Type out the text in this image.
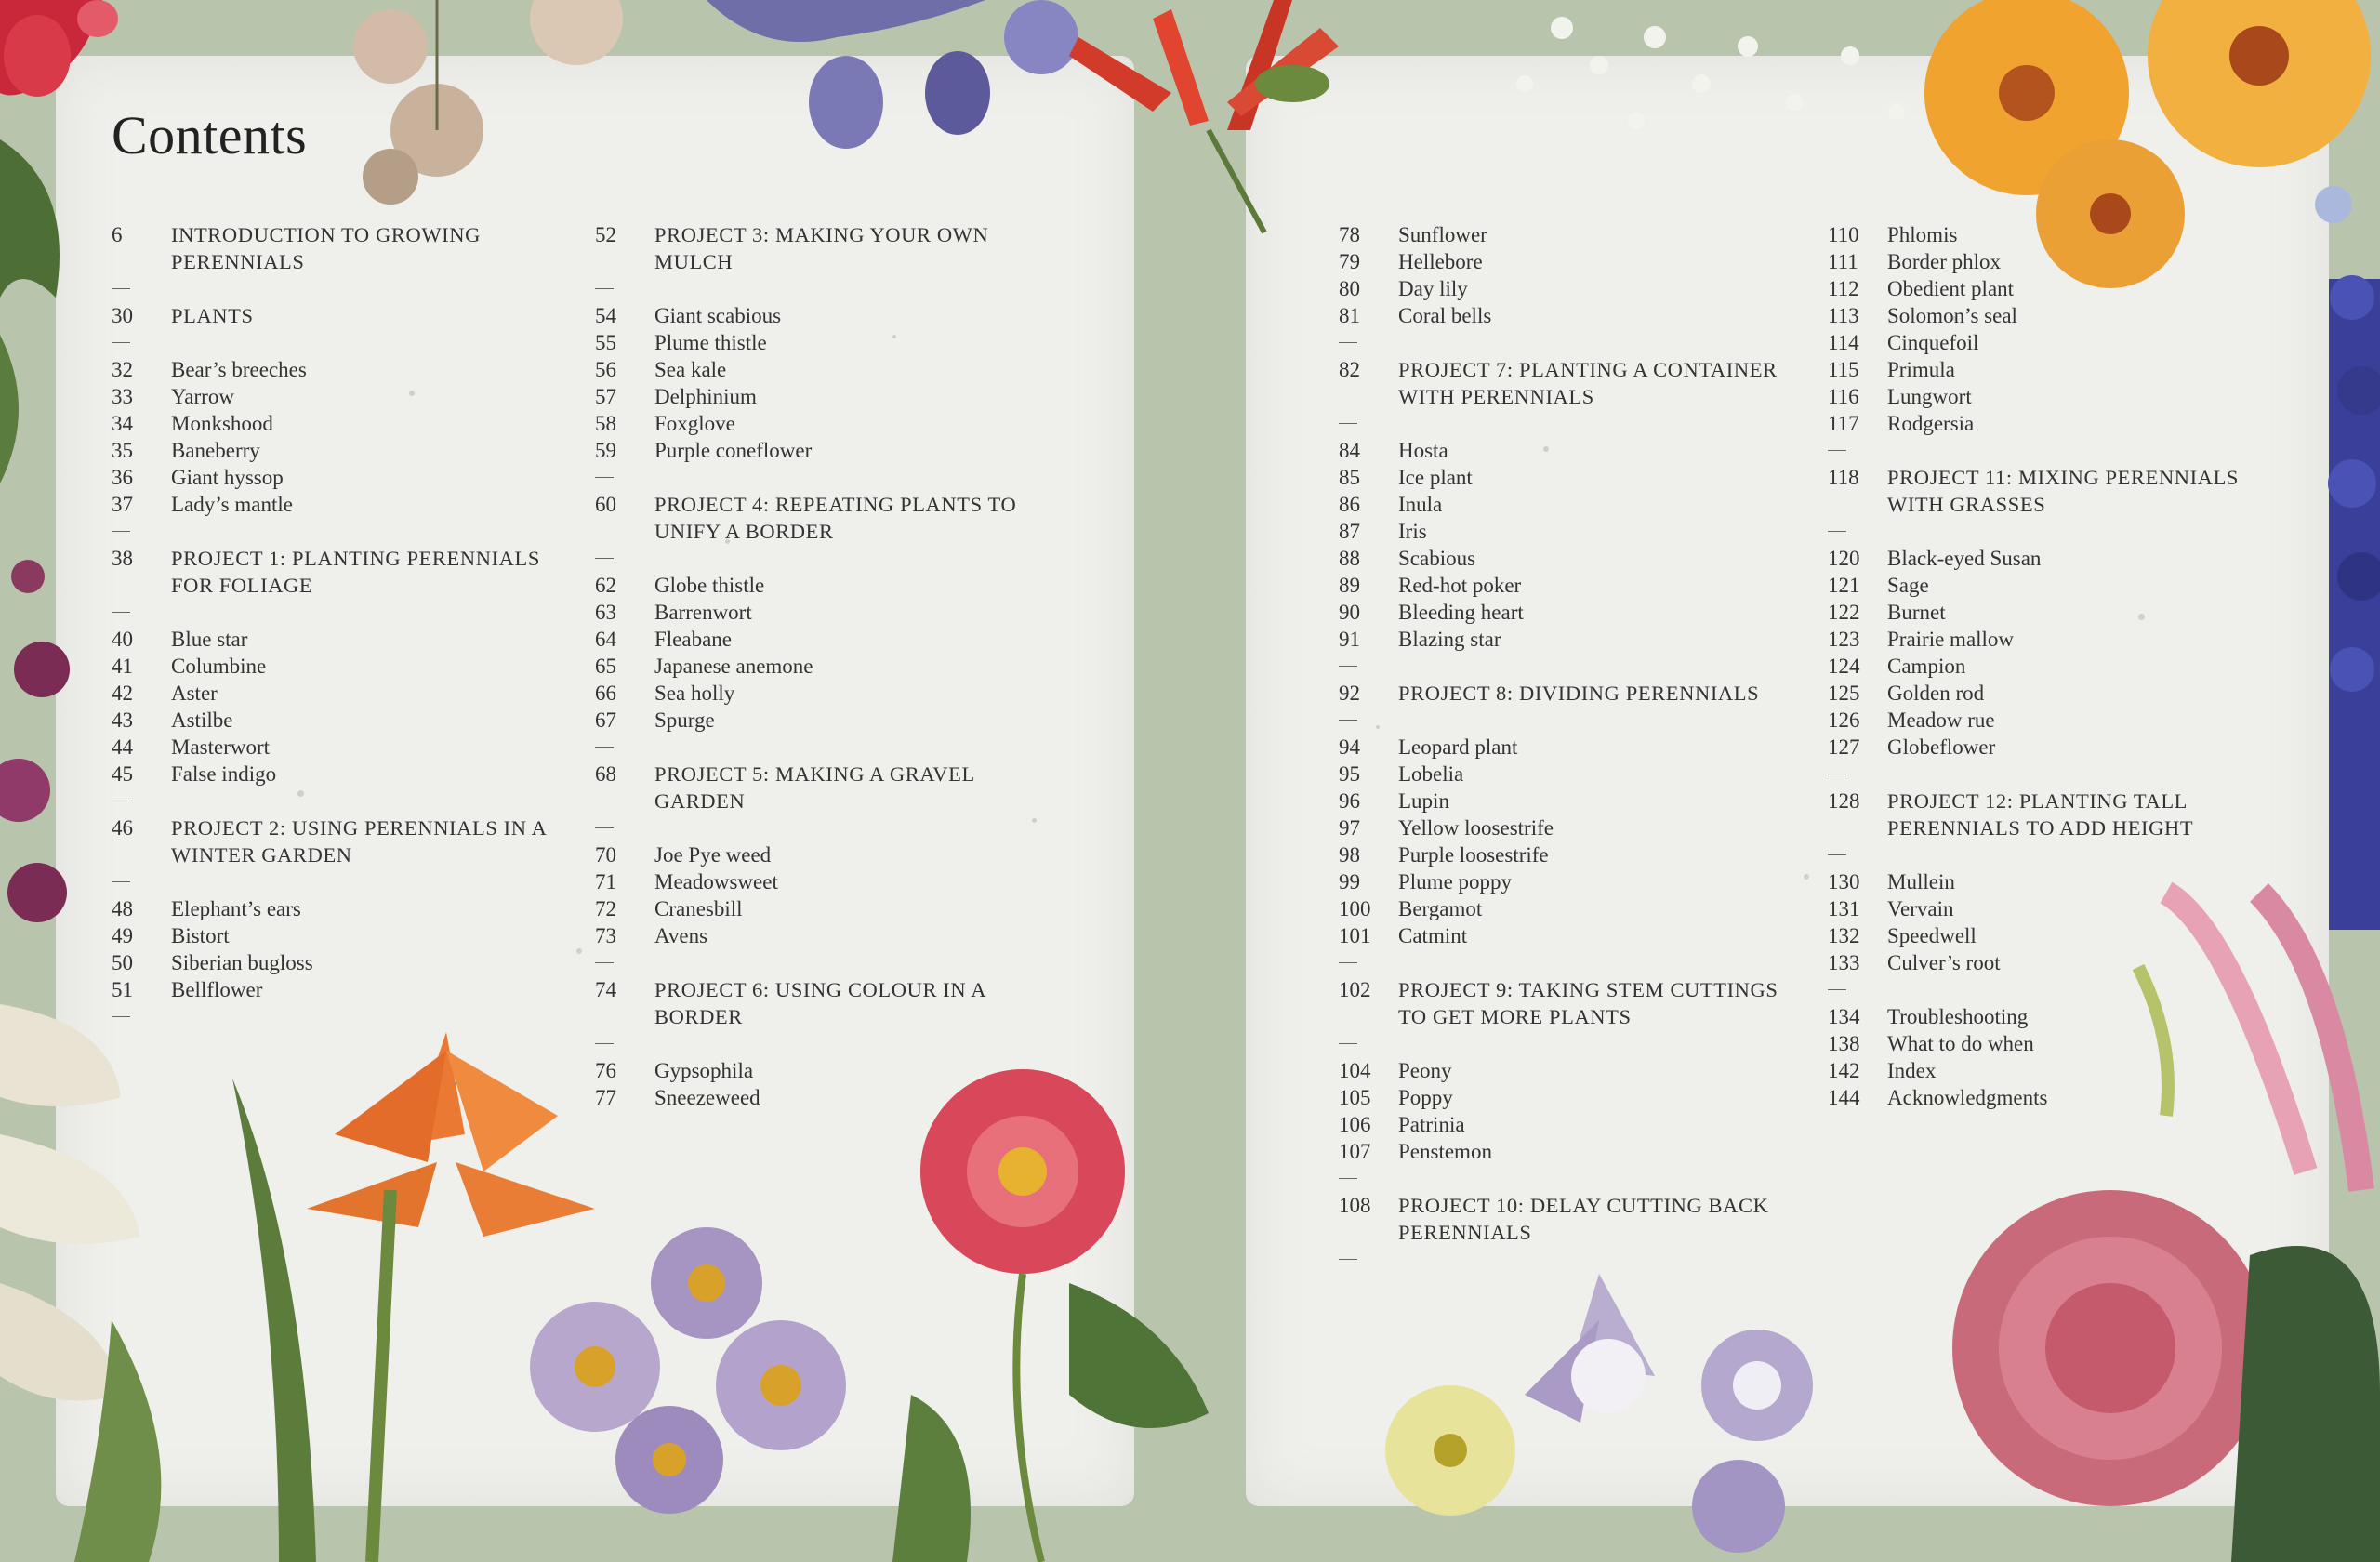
Contents
6	INTRODUCTION TO GROWING PERENNIALS
30	PLANTS
32	Bear’s breeches
33	Yarrow
34	Monkshood
35	Baneberry
36	Giant hyssop
37	Lady’s mantle
38	PROJECT 1: PLANTING PERENNIALS FOR FOLIAGE
40	Blue star
41	Columbine
42	Aster
43	Astilbe
44	Masterwort
45	False indigo
46	PROJECT 2: USING PERENNIALS IN A WINTER GARDEN
48	Elephant’s ears
49	Bistort
50	Siberian bugloss
51	Bellflower
52	PROJECT 3: MAKING YOUR OWN MULCH
54	Giant scabious
55	Plume thistle
56	Sea kale
57	Delphinium
58	Foxglove
59	Purple coneflower
60	PROJECT 4: REPEATING PLANTS TO UNIFY A BORDER
62	Globe thistle
63	Barrenwort
64	Fleabane
65	Japanese anemone
66	Sea holly
67	Spurge
68	PROJECT 5: MAKING A GRAVEL GARDEN
70	Joe Pye weed
71	Meadowsweet
72	Cranesbill
73	Avens
74	PROJECT 6: USING COLOUR IN A BORDER
76	Gypsophila
77	Sneezeweed
78	Sunflower
79	Hellebore
80	Day lily
81	Coral bells
82	PROJECT 7: PLANTING A CONTAINER WITH PERENNIALS
84	Hosta
85	Ice plant
86	Inula
87	Iris
88	Scabious
89	Red-hot poker
90	Bleeding heart
91	Blazing star
92	PROJECT 8: DIVIDING PERENNIALS
94	Leopard plant
95	Lobelia
96	Lupin
97	Yellow loosestrife
98	Purple loosestrife
99	Plume poppy
100	Bergamot
101	Catmint
102	PROJECT 9: TAKING STEM CUTTINGS TO GET MORE PLANTS
104	Peony
105	Poppy
106	Patrinia
107	Penstemon
108	PROJECT 10: DELAY CUTTING BACK PERENNIALS
110	Phlomis
111	Border phlox
112	Obedient plant
113	Solomon’s seal
114	Cinquefoil
115	Primula
116	Lungwort
117	Rodgersia
118	PROJECT 11: MIXING PERENNIALS WITH GRASSES
120	Black-eyed Susan
121	Sage
122	Burnet
123	Prairie mallow
124	Campion
125	Golden rod
126	Meadow rue
127	Globeflower
128	PROJECT 12: PLANTING TALL PERENNIALS TO ADD HEIGHT
130	Mullein
131	Vervain
132	Speedwell
133	Culver’s root
134	Troubleshooting
138	What to do when
142	Index
144	Acknowledgments
